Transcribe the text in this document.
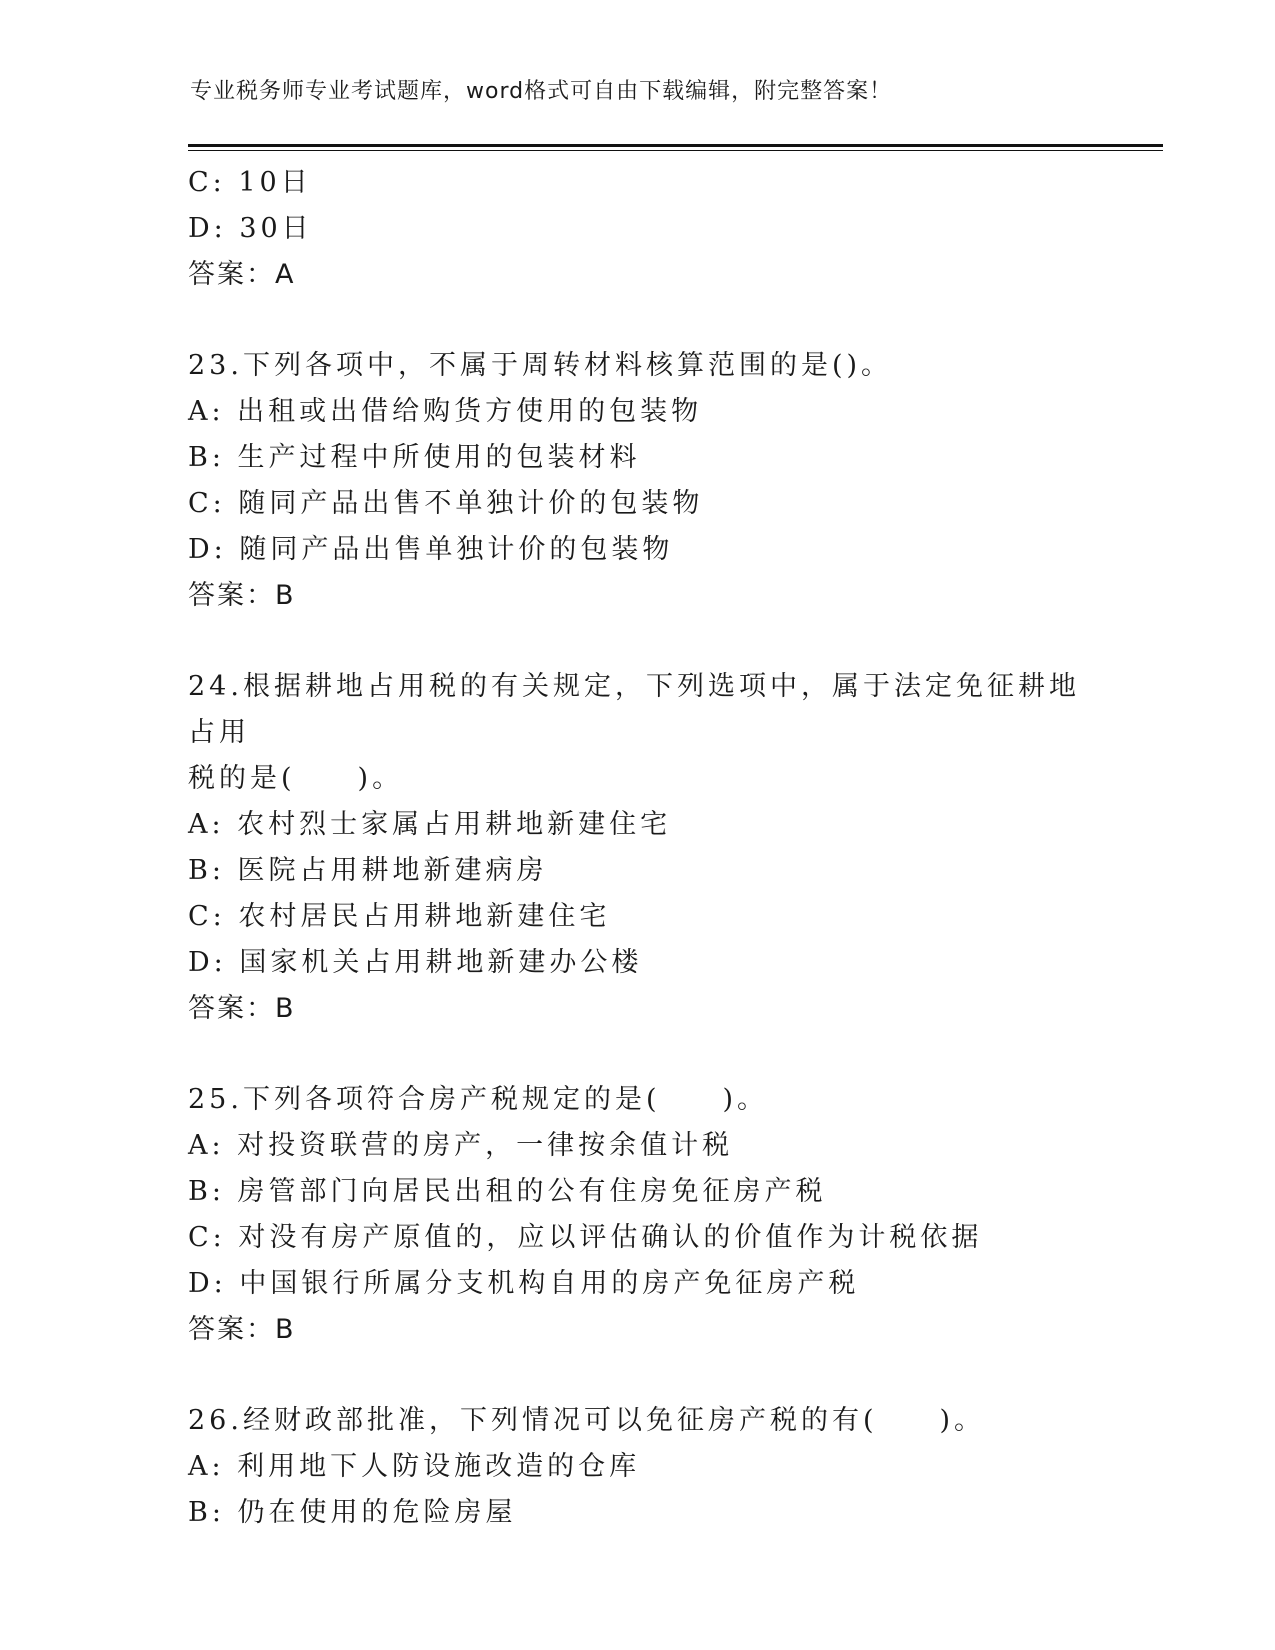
专业税务师专业考试题库，word格式可自由下载编辑，附完整答案！
C: 10日
D: 30日
答案：A
23.下列各项中，不属于周转材料核算范围的是()。
A: 出租或出借给购货方使用的包装物
B: 生产过程中所使用的包装材料
C: 随同产品出售不单独计价的包装物
D: 随同产品出售单独计价的包装物
答案：B
24.根据耕地占用税的有关规定，下列选项中，属于法定免征耕地占用
税的是(　　)。
A: 农村烈士家属占用耕地新建住宅
B: 医院占用耕地新建病房
C: 农村居民占用耕地新建住宅
D: 国家机关占用耕地新建办公楼
答案：B
25.下列各项符合房产税规定的是(　　)。
A: 对投资联营的房产，一律按余值计税
B: 房管部门向居民出租的公有住房免征房产税
C: 对没有房产原值的，应以评估确认的价值作为计税依据
D: 中国银行所属分支机构自用的房产免征房产税
答案：B
26.经财政部批准，下列情况可以免征房产税的有(　　)。
A: 利用地下人防设施改造的仓库
B: 仍在使用的危险房屋
